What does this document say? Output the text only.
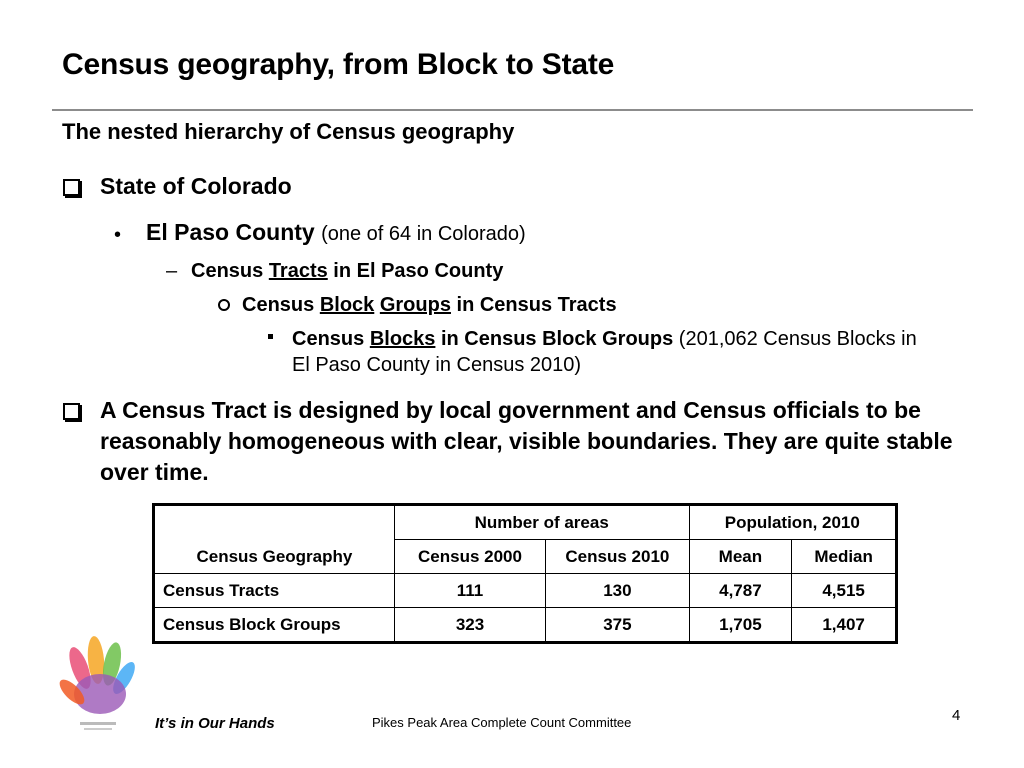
Census geography, from Block to State
The nested hierarchy of Census geography
State of Colorado
• El Paso County (one of 64 in Colorado)
– Census Tracts in El Paso County
Census Block Groups in Census Tracts
Census Blocks in Census Block Groups (201,062 Census Blocks in El Paso County in Census 2010)
A Census Tract is designed by local government and Census officials to be reasonably homogeneous with clear, visible boundaries. They are quite stable over time.
Census Geography	Number of areas		Population, 2010	
	Census 2000	Census 2010	Mean	Median
Census Tracts	111	130	4,787	4,515
Census Block Groups	323	375	1,705	1,407
It’s in Our Hands	Pikes Peak Area Complete Count Committee	4
